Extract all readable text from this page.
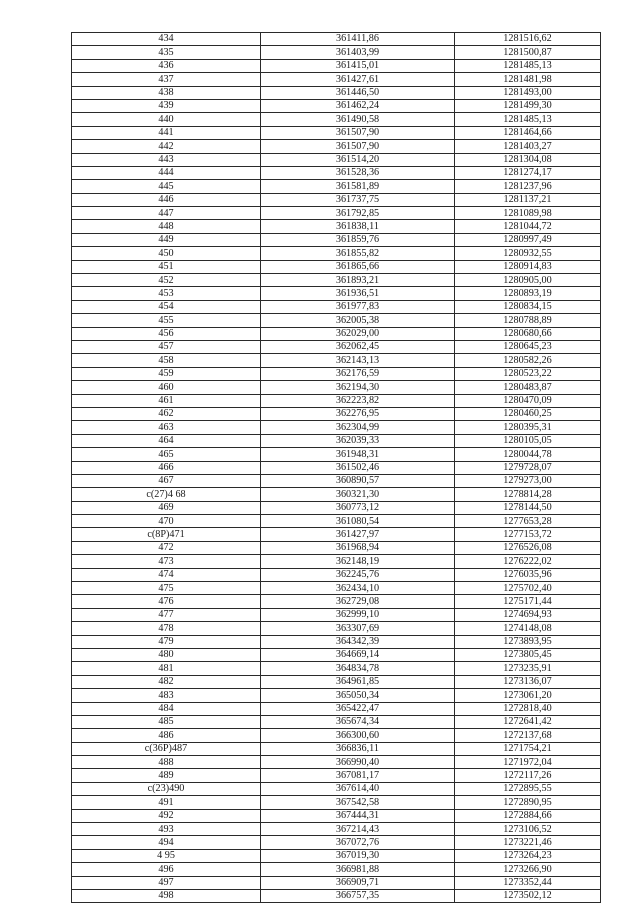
434	361411,86	1281516,62
435	361403,99	1281500,87
436	361415,01	1281485,13
437	361427,61	1281481,98
438	361446,50	1281493,00
439	361462,24	1281499,30
440	361490,58	1281485,13
441	361507,90	1281464,66
442	361507,90	1281403,27
443	361514,20	1281304,08
444	361528,36	1281274,17
445	361581,89	1281237,96
446	361737,75	1281137,21
447	361792,85	1281089,98
448	361838,11	1281044,72
449	361859,76	1280997,49
450	361855,82	1280932,55
451	361865,66	1280914,83
452	361893,21	1280905,00
453	361936,51	1280893,19
454	361977,83	1280834,15
455	362005,38	1280788,89
456	362029,00	1280680,66
457	362062,45	1280645,23
458	362143,13	1280582,26
459	362176,59	1280523,22
460	362194,30	1280483,87
461	362223,82	1280470,09
462	362276,95	1280460,25
463	362304,99	1280395,31
464	362039,33	1280105,05
465	361948,31	1280044,78
466	361502,46	1279728,07
467	360890,57	1279273,00
c(27)4 68	360321,30	1278814,28
469	360773,12	1278144,50
470	361080,54	1277653,28
c(8P)471	361427,97	1277153,72
472	361968,94	1276526,08
473	362148,19	1276222,02
474	362245,76	1276035,96
475	362434,10	1275702,40
476	362729,08	1275171,44
477	362999,10	1274694,93
478	363307,69	1274148,08
479	364342,39	1273893,95
480	364669,14	1273805,45
481	364834,78	1273235,91
482	364961,85	1273136,07
483	365050,34	1273061,20
484	365422,47	1272818,40
485	365674,34	1272641,42
486	366300,60	1272137,68
c(36P)487	366836,11	1271754,21
488	366990,40	1271972,04
489	367081,17	1272117,26
c(23)490	367614,40	1272895,55
491	367542,58	1272890,95
492	367444,31	1272884,66
493	367214,43	1273106,52
494	367072,76	1273221,46
4 95	367019,30	1273264,23
496	366981,88	1273266,90
497	366909,71	1273352,44
498	366757,35	1273502,12
